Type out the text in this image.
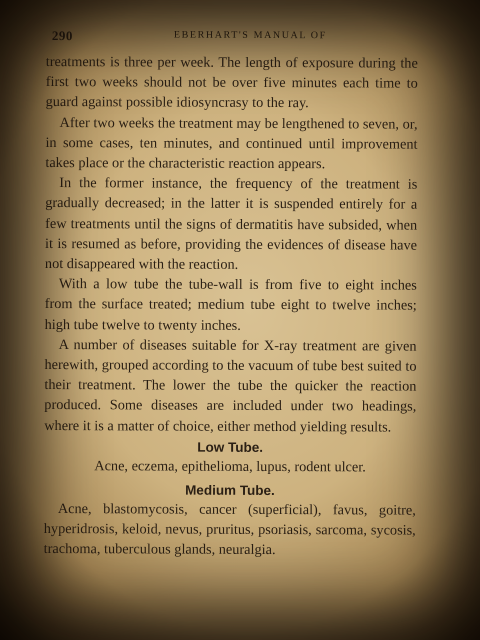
290	EBERHART'S MANUAL OF

treatments is three per week. The length of exposure during the first two weeks should not be over five minutes each time to guard against possible idiosyncrasy to the ray.

After two weeks the treatment may be lengthened to seven, or, in some cases, ten minutes, and continued until improvement takes place or the characteristic reaction appears.

In the former instance, the frequency of the treatment is gradually decreased; in the latter it is suspended entirely for a few treatments until the signs of dermatitis have subsided, when it is resumed as before, providing the evidences of disease have not disappeared with the reaction.

With a low tube the tube-wall is from five to eight inches from the surface treated; medium tube eight to twelve inches; high tube twelve to twenty inches.

A number of diseases suitable for X-ray treatment are given herewith, grouped according to the vacuum of tube best suited to their treatment. The lower the tube the quicker the reaction produced. Some diseases are included under two headings, where it is a matter of choice, either method yielding results.

Low Tube.
Acne, eczema, epithelioma, lupus, rodent ulcer.
Medium Tube.

Acne, blastomycosis, cancer (superficial), favus, goitre, hyperidrosis, keloid, nevus, pruritus, psoriasis, sarcoma, sycosis, trachoma, tuberculous glands, neuralgia.
